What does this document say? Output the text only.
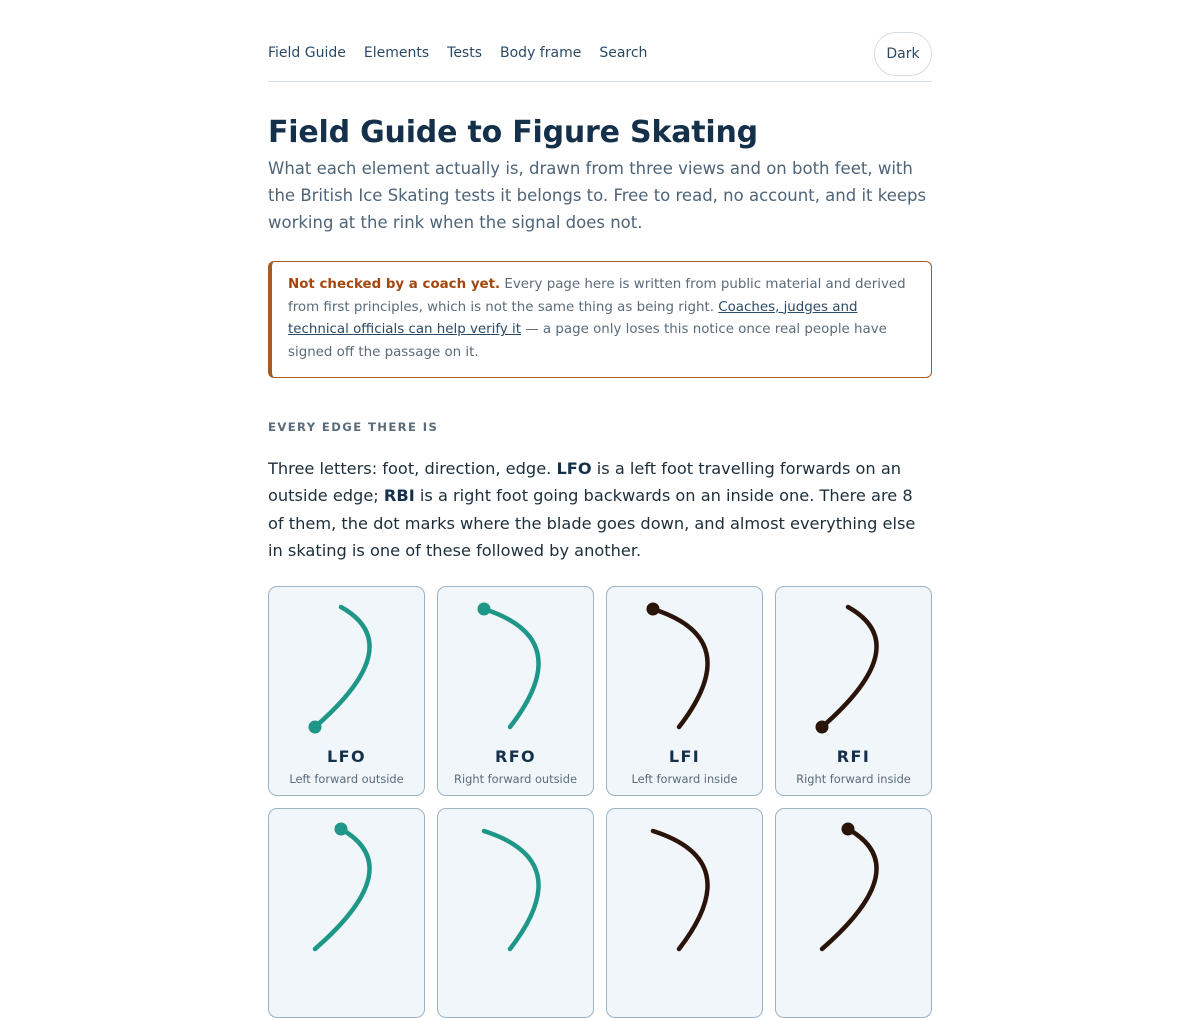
Field Guide Elements Tests Body frame Search	Dark
Field Guide to Figure Skating

What each element actually is, drawn from three views and on both feet, with the British Ice Skating tests it belongs to. Free to read, no account, and it keeps working at the rink when the signal does not.

Not checked by a coach yet. Every page here is written from public material and derived from first principles, which is not the same thing as being right. Coaches, judges and technical officials can help verify it — a page only loses this notice once real people have signed off the passage on it.
EVERY EDGE THERE IS

Three letters: foot, direction, edge. LFO is a left foot travelling forwards on an outside edge; RBI is a right foot going backwards on an inside one. There are 8 of them, the dot marks where the blade goes down, and almost everything else in skating is one of these followed by another.

LFO
Left forward outside
RFO
Right forward outside
LFI
Left forward inside
RFI
Right forward inside
